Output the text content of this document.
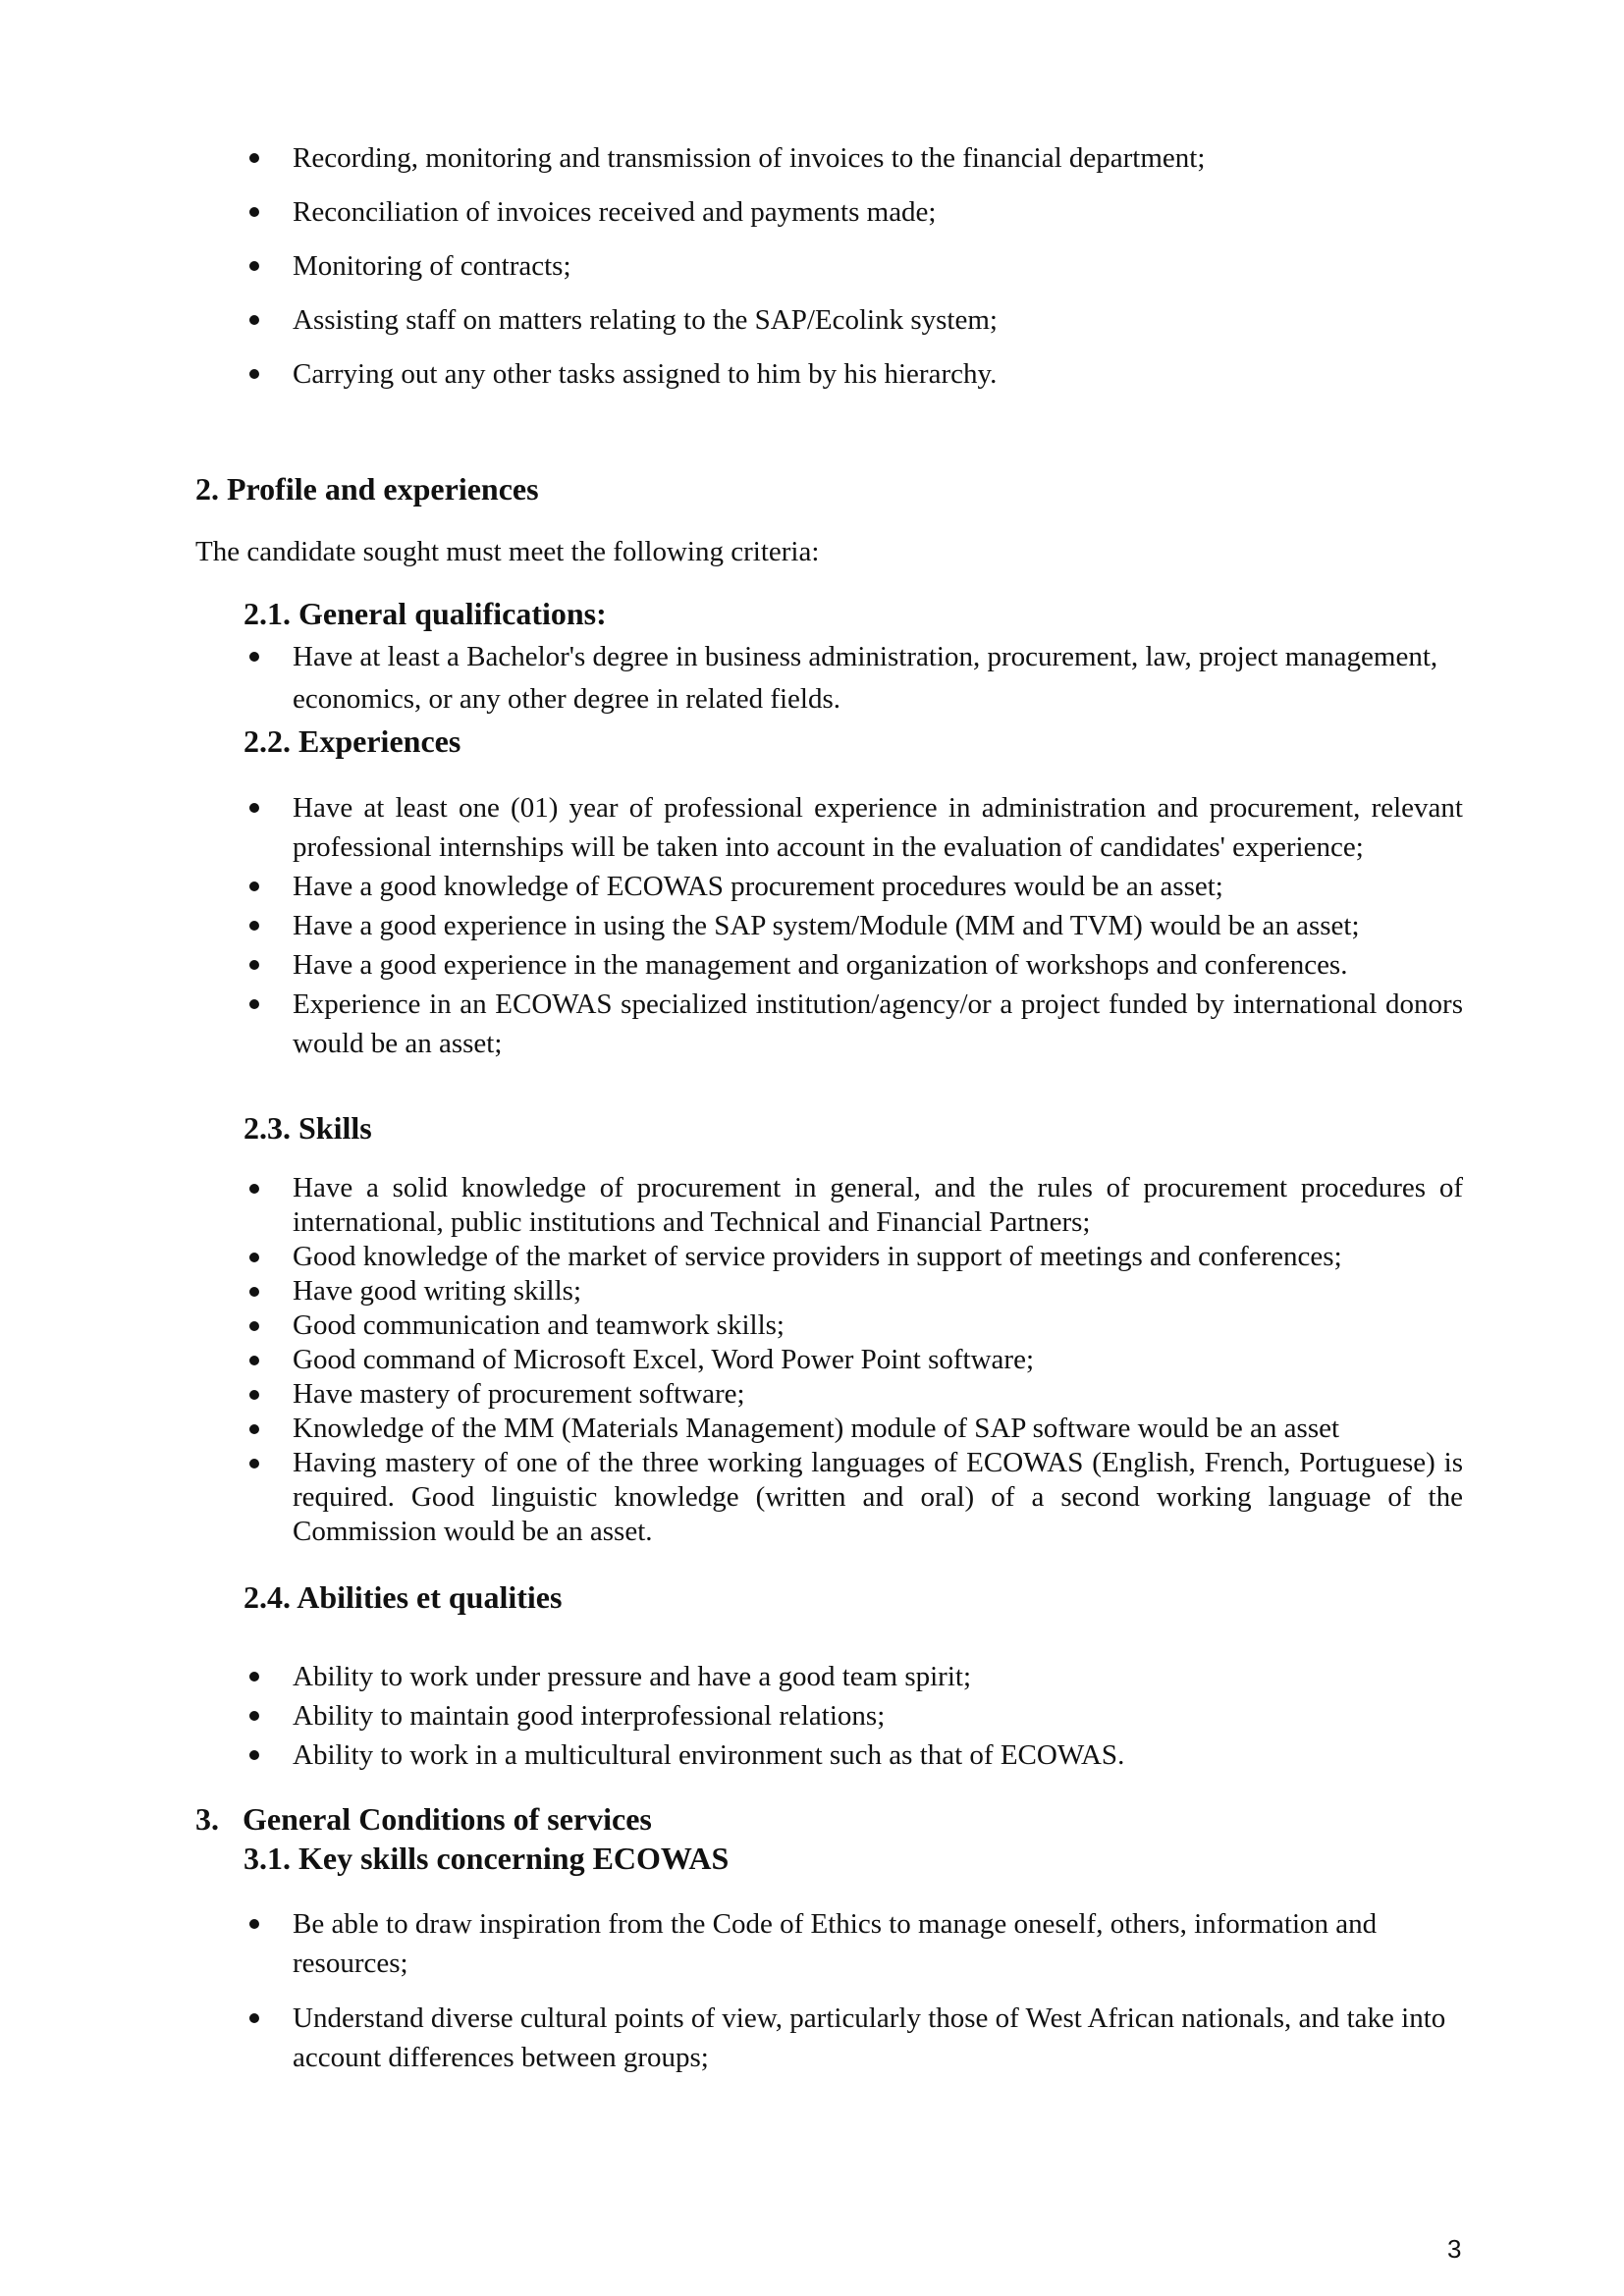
Recording, monitoring and transmission of invoices to the financial department;
Reconciliation of invoices received and payments made;
Monitoring of contracts;
Assisting staff on matters relating to the SAP/Ecolink system;
Carrying out any other tasks assigned to him by his hierarchy.
2. Profile and experiences

The candidate sought must meet the following criteria:

2.1. General qualifications:
Have at least a Bachelor's degree in business administration, procurement, law, project management, economics, or any other degree in related fields.
2.2. Experiences
Have at least one (01) year of professional experience in administration and procurement, relevant professional internships will be taken into account in the evaluation of candidates' experience;
Have a good knowledge of ECOWAS procurement procedures would be an asset;
Have a good experience in using the SAP system/Module (MM and TVM) would be an asset;
Have a good experience in the management and organization of workshops and conferences.
Experience in an ECOWAS specialized institution/agency/or a project funded by international donors would be an asset;
2.3. Skills
Have a solid knowledge of procurement in general, and the rules of procurement procedures of international, public institutions and Technical and Financial Partners;
Good knowledge of the market of service providers in support of meetings and conferences;
Have good writing skills;
Good communication and teamwork skills;
Good command of Microsoft Excel, Word Power Point software;
Have mastery of procurement software;
Knowledge of the MM (Materials Management) module of SAP software would be an asset
Having mastery of one of the three working languages of ECOWAS (English, French, Portuguese) is required. Good linguistic knowledge (written and oral) of a second working language of the Commission would be an asset.
2.4. Abilities et qualities
Ability to work under pressure and have a good team spirit;
Ability to maintain good interprofessional relations;
Ability to work in a multicultural environment such as that of ECOWAS.
3.   General Conditions of services
3.1. Key skills concerning ECOWAS
Be able to draw inspiration from the Code of Ethics to manage oneself, others, information and resources;
Understand diverse cultural points of view, particularly those of West African nationals, and take into account differences between groups;
3
